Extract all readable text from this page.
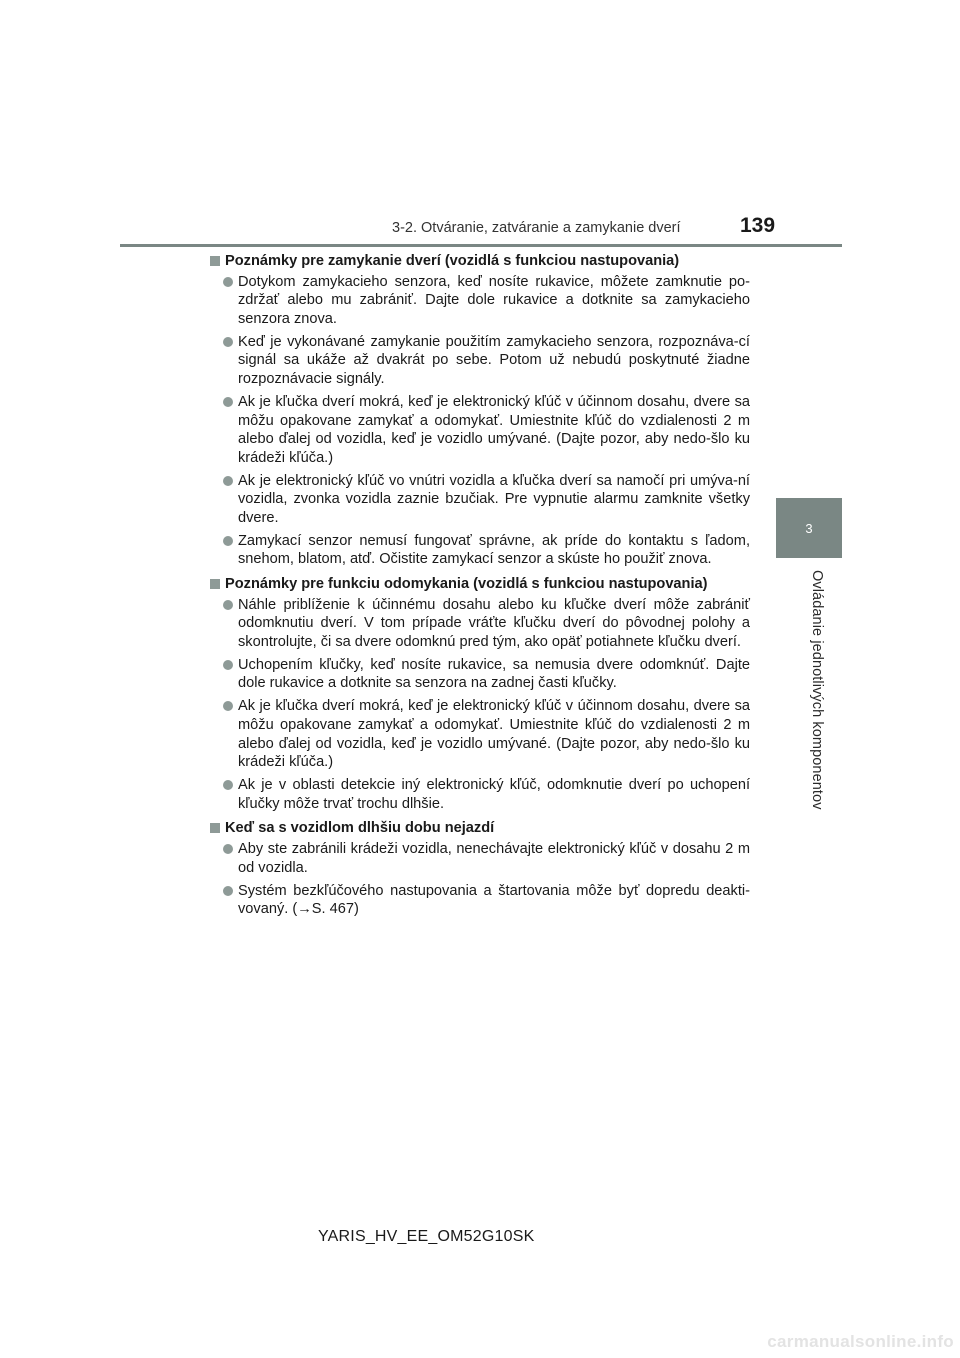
3-2. Otváranie, zatváranie a zamykanie dverí	139
3
Ovládanie jednotlivých komponentov
Poznámky pre zamykanie dverí (vozidlá s funkciou nastupovania)
Dotykom zamykacieho senzora, keď nosíte rukavice, môžete zamknutie po-zdržať alebo mu zabrániť. Dajte dole rukavice a dotknite sa zamykacieho senzora znova.
Keď je vykonávané zamykanie použitím zamykacieho senzora, rozpoznáva-cí signál sa ukáže až dvakrát po sebe. Potom už nebudú poskytnuté žiadne rozpoznávacie signály.
Ak je kľučka dverí mokrá, keď je elektronický kľúč v účinnom dosahu, dvere sa môžu opakovane zamykať a odomykať. Umiestnite kľúč do vzdialenosti 2 m alebo ďalej od vozidla, keď je vozidlo umývané. (Dajte pozor, aby nedo-šlo ku krádeži kľúča.)
Ak je elektronický kľúč vo vnútri vozidla a kľučka dverí sa namočí pri umýva-ní vozidla, zvonka vozidla zaznie bzučiak. Pre vypnutie alarmu zamknite všetky dvere.
Zamykací senzor nemusí fungovať správne, ak príde do kontaktu s ľadom, snehom, blatom, atď. Očistite zamykací senzor a skúste ho použiť znova.
Poznámky pre funkciu odomykania (vozidlá s funkciou nastupovania)
Náhle priblíženie k účinnému dosahu alebo ku kľučke dverí môže zabrániť odomknutiu dverí. V tom prípade vráťte kľučku dverí do pôvodnej polohy a skontrolujte, či sa dvere odomknú pred tým, ako opäť potiahnete kľučku dverí.
Uchopením kľučky, keď nosíte rukavice, sa nemusia dvere odomknúť. Dajte dole rukavice a dotknite sa senzora na zadnej časti kľučky.
Ak je kľučka dverí mokrá, keď je elektronický kľúč v účinnom dosahu, dvere sa môžu opakovane zamykať a odomykať. Umiestnite kľúč do vzdialenosti 2 m alebo ďalej od vozidla, keď je vozidlo umývané. (Dajte pozor, aby nedo-šlo ku krádeži kľúča.)
Ak je v oblasti detekcie iný elektronický kľúč, odomknutie dverí po uchopení kľučky môže trvať trochu dlhšie.
Keď sa s vozidlom dlhšiu dobu nejazdí
Aby ste zabránili krádeži vozidla, nenechávajte elektronický kľúč v dosahu 2 m od vozidla.
Systém bezkľúčového nastupovania a štartovania môže byť dopredu deakti-vovaný. (→S. 467)
YARIS_HV_EE_OM52G10SK
carmanualsonline.info
